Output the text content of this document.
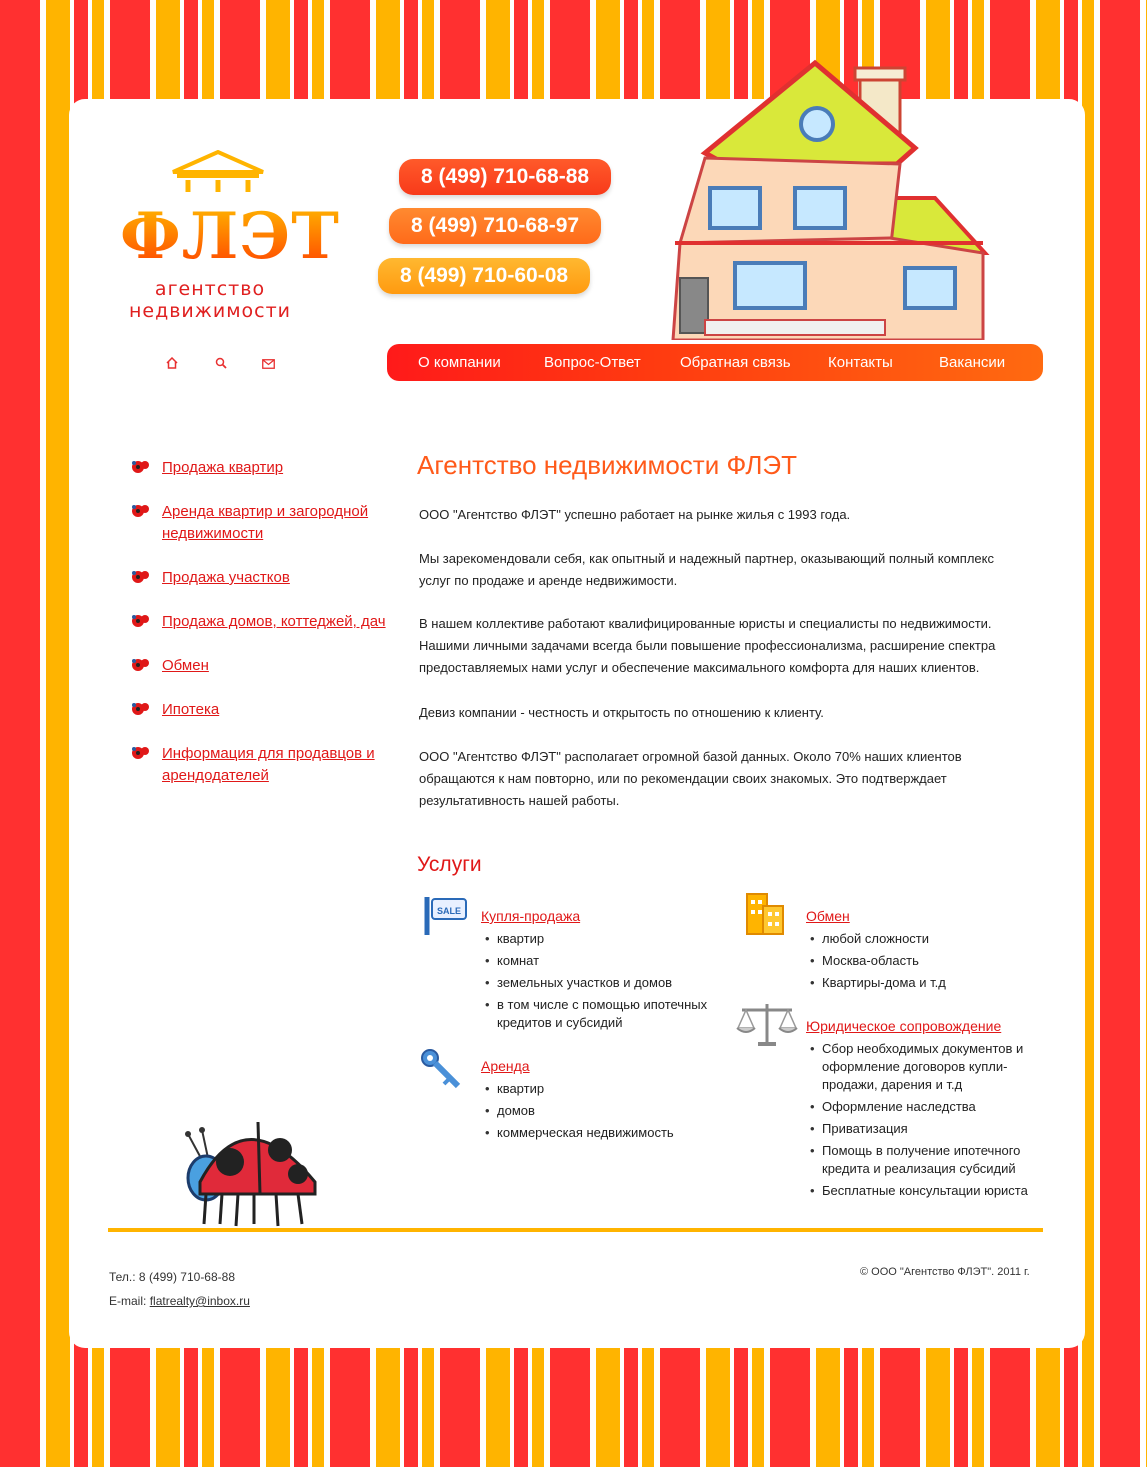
ФЛЭТ
агентство
недвижимости
8 (499) 710-68-88
8 (499) 710-68-97
8 (499) 710-60-08
О компании	Вопрос-Ответ	Обратная связь Контакты	Вакансии
Продажа квартир
Аренда квартир и загородной недвижимости
Продажа участков
Продажа домов, коттеджей, дач
Обмен
Ипотека
Информация для продавцов и арендодателей
Агентство недвижимости ФЛЭТ

ООО "Агентство ФЛЭТ" успешно работает на рынке жилья с 1993 года.

Мы зарекомендовали себя, как опытный и надежный партнер, оказывающий полный комплекс услуг по продаже и аренде недвижимости.

В нашем коллективе работают квалифицированные юристы и специалисты по недвижимости. Нашими личными задачами всегда были повышение профессионализма, расширение спектра предоставляемых нами услуг и обеспечение максимального комфорта для наших клиентов.

Девиз компании - честность и открытость по отношению к клиенту.

ООО "Агентство ФЛЭТ" располагает огромной базой данных. Около 70% наших клиентов обращаются к нам повторно, или по рекомендации своих знакомых. Это подтверждает результативность нашей работы.

Услуги
SALE Купля-продажа
• квартир
• комнат
• земельных участков и домов
• в том числе с помощью ипотечных кредитов и субсидий
Аренда
• квартир
• домов
• коммерческая недвижимость
Обмен
• любой сложности
• Москва-область
• Квартиры-дома и т.д
Юридическое сопровождение
• Сбор необходимых документов и оформление договоров купли-продажи, дарения и т.д
• Оформление наследства
• Приватизация
• Помощь в получение ипотечного кредита и реализация субсидий
• Бесплатные консультации юриста
Тел.: 8 (499) 710-68-88
E-mail: flatrealty@inbox.ru
© ООО "Агентство ФЛЭТ". 2011 г.
